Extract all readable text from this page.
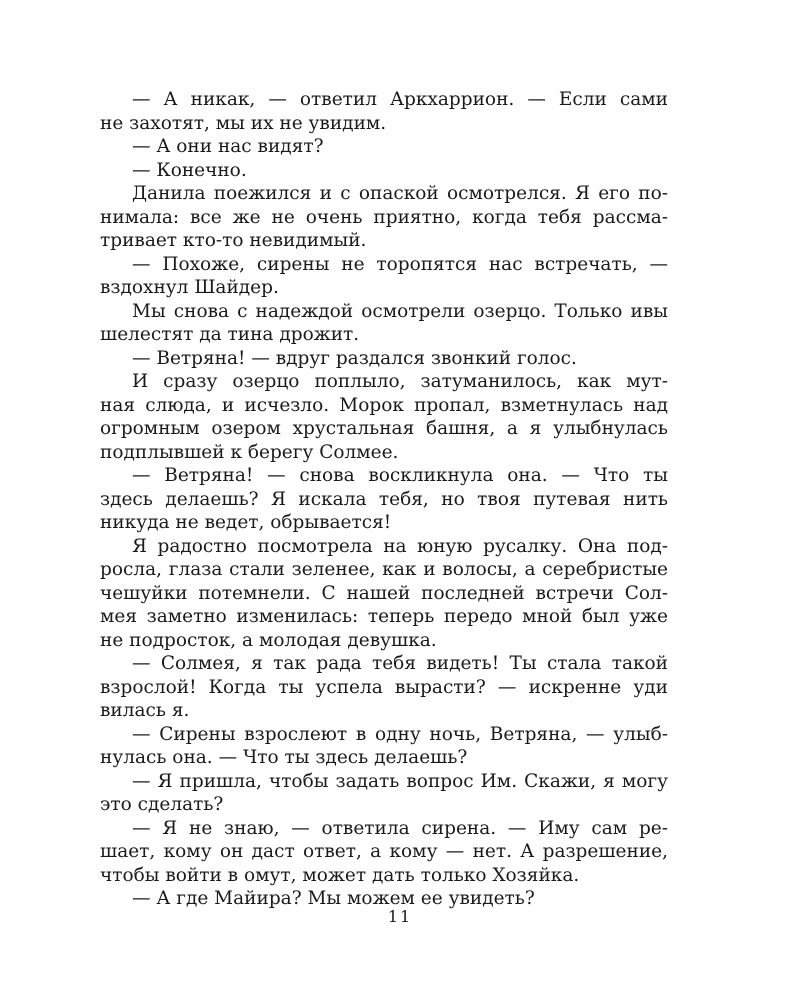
— А никак, — ответил Аркхаррион. — Если сами
не захотят, мы их не увидим.
— А они нас видят?
— Конечно.
Данила поежился и с опаской осмотрелся. Я его по-
нимала: все же не очень приятно, когда тебя рассма-
тривает кто-то невидимый.
— Похоже, сирены не торопятся нас встречать, —
вздохнул Шайдер.
Мы снова с надеждой осмотрели озерцо. Только ивы
шелестят да тина дрожит.
— Ветряна! — вдруг раздался звонкий голос.
И сразу озерцо поплыло, затуманилось, как мут-
ная слюда, и исчезло. Морок пропал, взметнулась над
огромным озером хрустальная башня, а я улыбнулась
подплывшей к берегу Солмее.
— Ветряна! — снова воскликнула она. — Что ты
здесь делаешь? Я искала тебя, но твоя путевая нить
никуда не ведет, обрывается!
Я радостно посмотрела на юную русалку. Она под-
росла, глаза стали зеленее, как и волосы, а серебристые
чешуйки потемнели. С нашей последней встречи Сол-
мея заметно изменилась: теперь передо мной был уже
не подросток, а молодая девушка.
— Солмея, я так рада тебя видеть! Ты стала такой
взрослой! Когда ты успела вырасти? — искренне уди
вилась я.
— Сирены взрослеют в одну ночь, Ветряна, — улыб-
нулась она. — Что ты здесь делаешь?
— Я пришла, чтобы задать вопрос Им. Скажи, я могу
это сделать?
— Я не знаю, — ответила сирена. — Иму сам ре-
шает, кому он даст ответ, а кому — нет. А разрешение,
чтобы войти в омут, может дать только Хозяйка.
— А где Майира? Мы можем ее увидеть?
11
